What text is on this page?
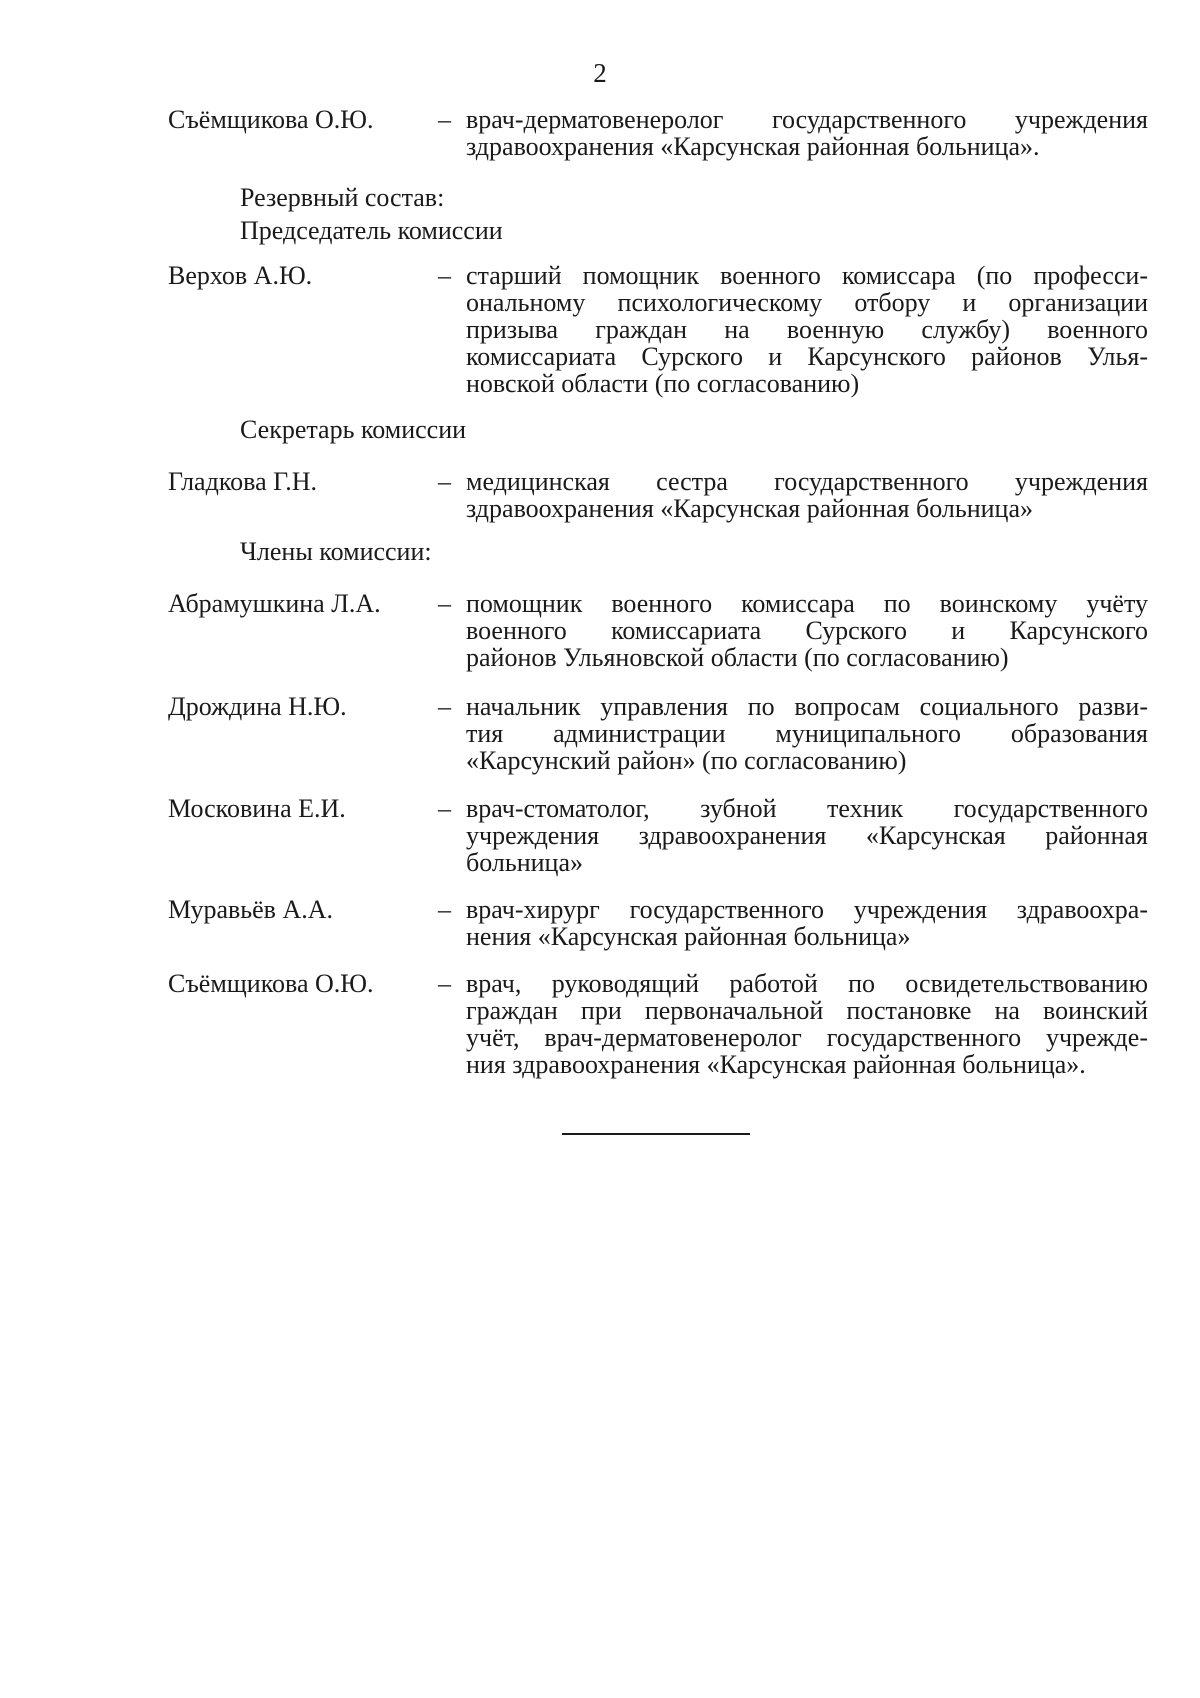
2
Съёмщикова О.Ю. – врач-дерматовенеролог государственного учреждения
здравоохранения «Карсунская районная больница».
Резервный состав:
Председатель комиссии
Верхов А.Ю.	– старший помощник военного комиссара (по професси-
ональному психологическому отбору и организации
призыва граждан на военную службу) военного
комиссариата Сурского и Карсунского районов Улья-
новской области (по согласованию)
Секретарь комиссии
Гладкова Г.Н.	– медицинская сестра государственного учреждения
здравоохранения «Карсунская районная больница»
Члены комиссии:
Абрамушкина Л.А. – помощник военного комиссара по воинскому учёту
военного комиссариата Сурского и Карсунского
районов Ульяновской области (по согласованию)
Дрождина Н.Ю.	– начальник управления по вопросам социального разви-
тия администрации муниципального образования
«Карсунский район» (по согласованию)
Московина Е.И.	– врач-стоматолог, зубной техник государственного
учреждения здравоохранения «Карсунская районная
больница»
Муравьёв А.А.	– врач-хирург государственного учреждения здравоохра-
нения «Карсунская районная больница»
Съёмщикова О.Ю. – врач, руководящий работой по освидетельствованию
граждан при первоначальной постановке на воинский
учёт, врач-дерматовенеролог государственного учрежде-
ния здравоохранения «Карсунская районная больница».
